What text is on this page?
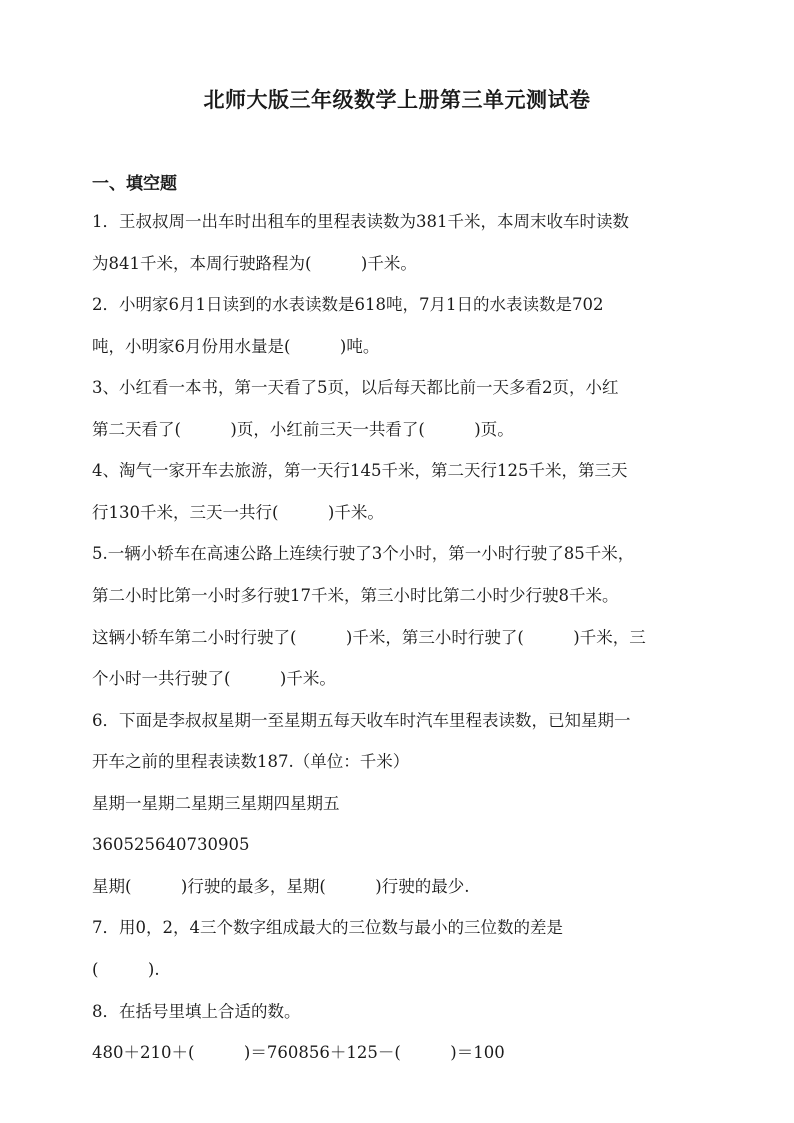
北师大版三年级数学上册第三单元测试卷
一、填空题
1．王叔叔周一出车时出租车的里程表读数为381千米，本周末收车时读数
为841千米，本周行驶路程为(　　　)千米。
2．小明家6月1日读到的水表读数是618吨，7月1日的水表读数是702
吨，小明家6月份用水量是(　　　)吨。
3、小红看一本书，第一天看了5页，以后每天都比前一天多看2页，小红
第二天看了(　　　)页，小红前三天一共看了(　　　)页。
4、淘气一家开车去旅游，第一天行145千米，第二天行125千米，第三天
行130千米，三天一共行(　　　)千米。
5.一辆小轿车在高速公路上连续行驶了3个小时，第一小时行驶了85千米，
第二小时比第一小时多行驶17千米，第三小时比第二小时少行驶8千米。
这辆小轿车第二小时行驶了(　　　)千米，第三小时行驶了(　　　)千米，三
个小时一共行驶了(　　　)千米。
6．下面是李叔叔星期一至星期五每天收车时汽车里程表读数，已知星期一
开车之前的里程表读数187.（单位：千米）
星期一星期二星期三星期四星期五
360525640730905
星期(　　　)行驶的最多，星期(　　　)行驶的最少.
7．用0，2，4三个数字组成最大的三位数与最小的三位数的差是
(　　　).
8．在括号里填上合适的数。
480＋210＋(　　　)＝760856＋125－(　　　)＝100
